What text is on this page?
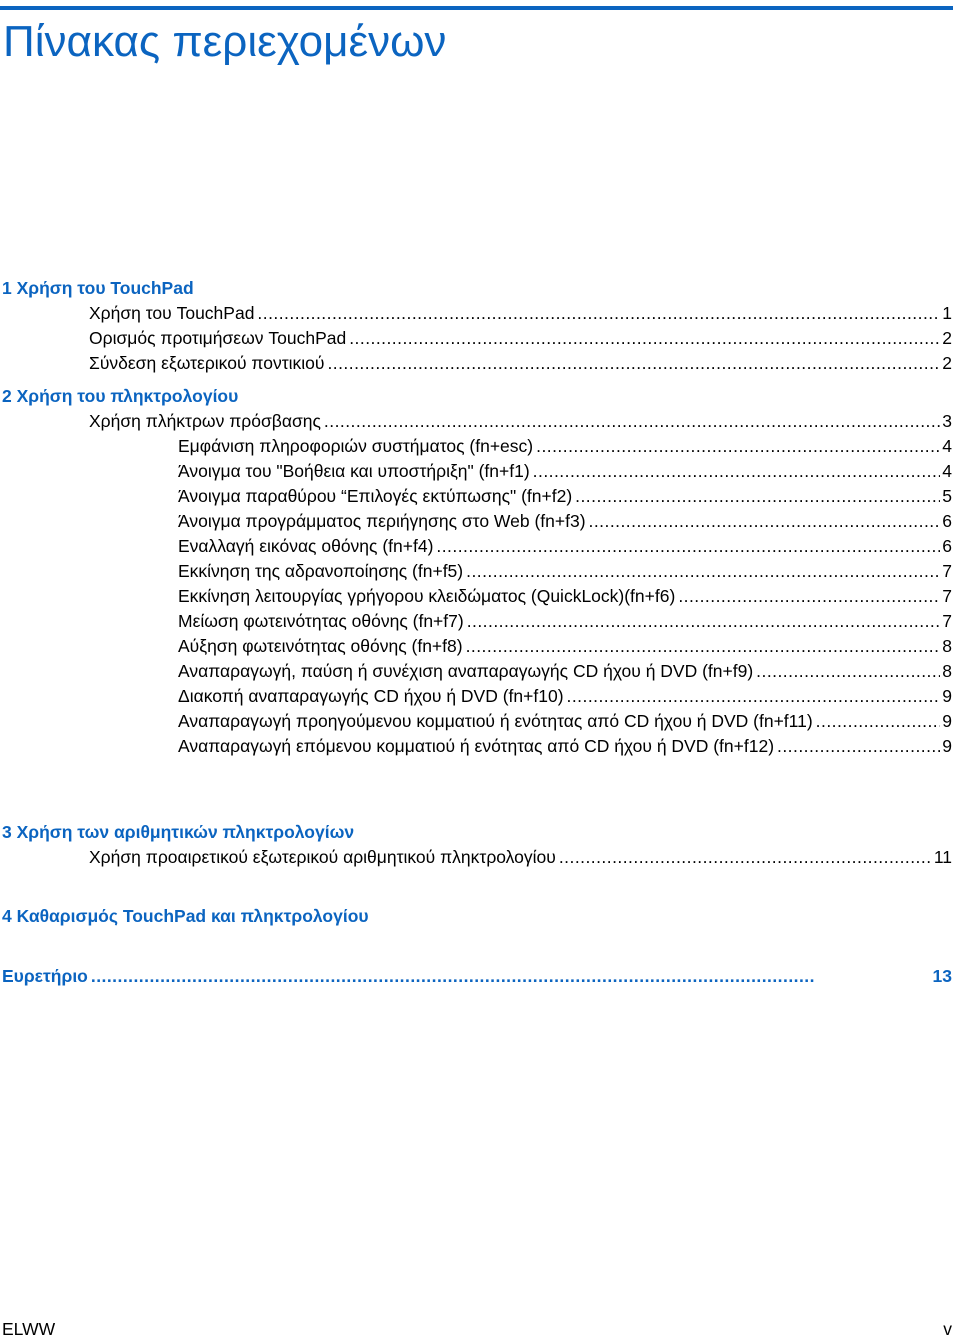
Πίνακας περιεχομένων
1 Χρήση του TouchPad
Χρήση του TouchPad . . .	1
Ορισμός προτιμήσεων TouchPad . . .	2
Σύνδεση εξωτερικού ποντικιού . . .	2
2 Χρήση του πληκτρολογίου
Χρήση πλήκτρων πρόσβασης . . .	3
Εμφάνιση πληροφοριών συστήματος (fn+esc) . . .	4
Άνοιγμα του "Βοήθεια και υποστήριξη" (fn+f1) . . .	4
Άνοιγμα παραθύρου “Επιλογές εκτύπωσης" (fn+f2) . . .	5
Άνοιγμα προγράμματος περιήγησης στο Web (fn+f3) . . .	6
Εναλλαγή εικόνας οθόνης (fn+f4) . . .	6
Εκκίνηση της αδρανοποίησης (fn+f5) . . .	7
Εκκίνηση λειτουργίας γρήγορου κλειδώματος (QuickLock)(fn+f6) . . .	7
Μείωση φωτεινότητας οθόνης (fn+f7) . . .	7
Αύξηση φωτεινότητας οθόνης (fn+f8) . . .	8
Αναπαραγωγή, παύση ή συνέχιση αναπαραγωγής CD ήχου ή DVD (fn+f9) . . .	8
Διακοπή αναπαραγωγής CD ήχου ή DVD (fn+f10) . . .	9
Αναπαραγωγή προηγούμενου κομματιού ή ενότητας από CD ήχου ή DVD (fn+f11) . . .	9
Αναπαραγωγή επόμενου κομματιού ή ενότητας από CD ήχου ή DVD (fn+f12) . . .	9
3 Χρήση των αριθμητικών πληκτρολογίων
Χρήση προαιρετικού εξωτερικού αριθμητικού πληκτρολογίου . . .	11
4 Καθαρισμός TouchPad και πληκτρολογίου
Ευρετήριο . . .	13
ELWW	v
